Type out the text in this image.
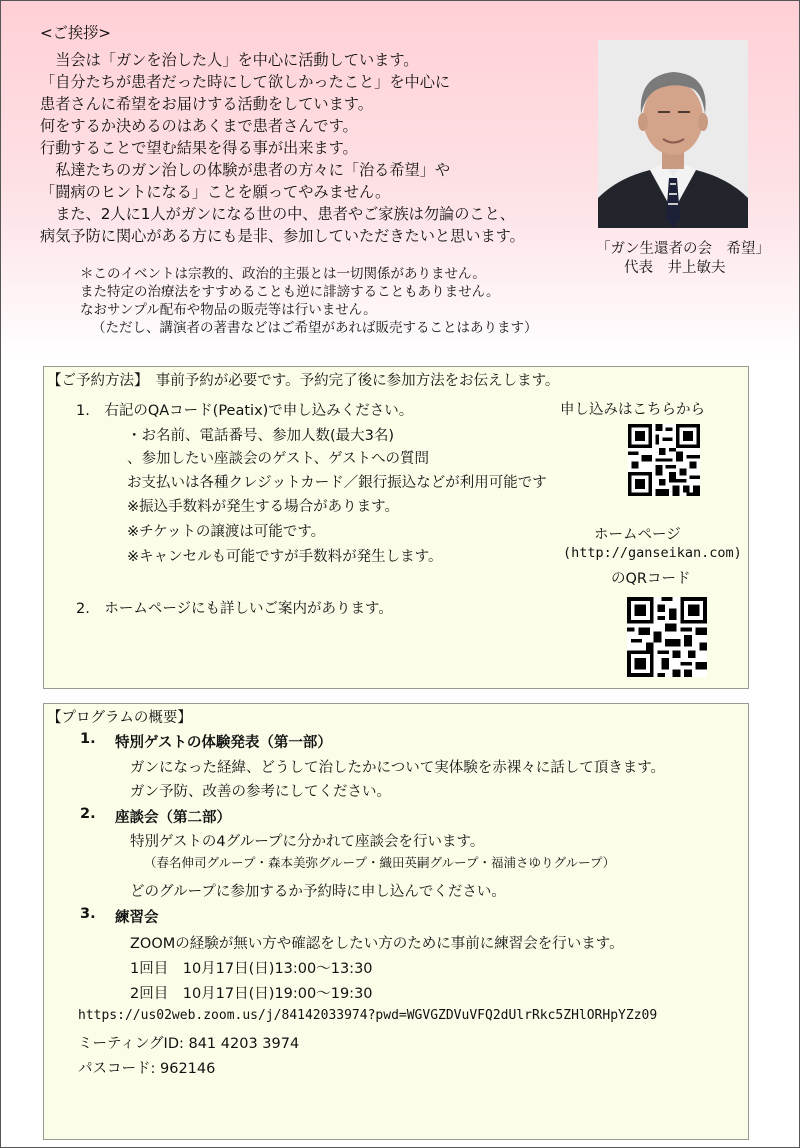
<ご挨拶>
　当会は「ガンを治した人」を中心に活動しています。
「自分たちが患者だった時にして欲しかったこと」を中心に
患者さんに希望をお届けする活動をしています。
何をするか決めるのはあくまで患者さんです。
行動することで望む結果を得る事が出来ます。
　私達たちのガン治しの体験が患者の方々に「治る希望」や
「闘病のヒントになる」ことを願ってやみません。
　また、2人に1人がガンになる世の中、患者やご家族は勿論のこと、
病気予防に関心がある方にも是非、参加していただきたいと思います。
＊このイベントは宗教的、政治的主張とは一切関係がありません。
また特定の治療法をすすめることも逆に誹謗することもありません。
なおサンプル配布や物品の販売等は行いません。
（ただし、講演者の著書などはご希望があれば販売することはあります）
「ガン生還者の会　希望」
代表　井上敏夫
【ご予約方法】　事前予約が必要です。予約完了後に参加方法をお伝えします。
1.　右記のQAコード(Peatix)で申し込みください。
・お名前、電話番号、参加人数(最大3名)
、参加したい座談会のゲスト、ゲストへの質問
お支払いは各種クレジットカード／銀行振込などが利用可能です
※振込手数料が発生する場合があります。
※チケットの譲渡は可能です。
※キャンセルも可能ですが手数料が発生します。
2.　ホームページにも詳しいご案内があります。
申し込みはこちらから
ホームページ
(http://ganseikan.com)
のQRコード
【プログラムの概要】
1. 特別ゲストの体験発表（第一部）
ガンになった経緯、どうして治したかについて実体験を赤裸々に話して頂きます。
ガン予防、改善の参考にしてください。
2. 座談会（第二部）
特別ゲストの4グループに分かれて座談会を行います。
（春名伸司グループ・森本美弥グループ・織田英嗣グループ・福浦さゆりグループ）
どのグループに参加するか予約時に申し込んでください。
3. 練習会
ZOOMの経験が無い方や確認をしたい方のために事前に練習会を行います。
1回目　10月17日(日)13:00～13:30
2回目　10月17日(日)19:00～19:30
https://us02web.zoom.us/j/84142033974?pwd=WGVGZDVuVFQ2dUlrRkc5ZHlORHpYZz09
ミーティングID: 841 4203 3974
パスコード: 962146
